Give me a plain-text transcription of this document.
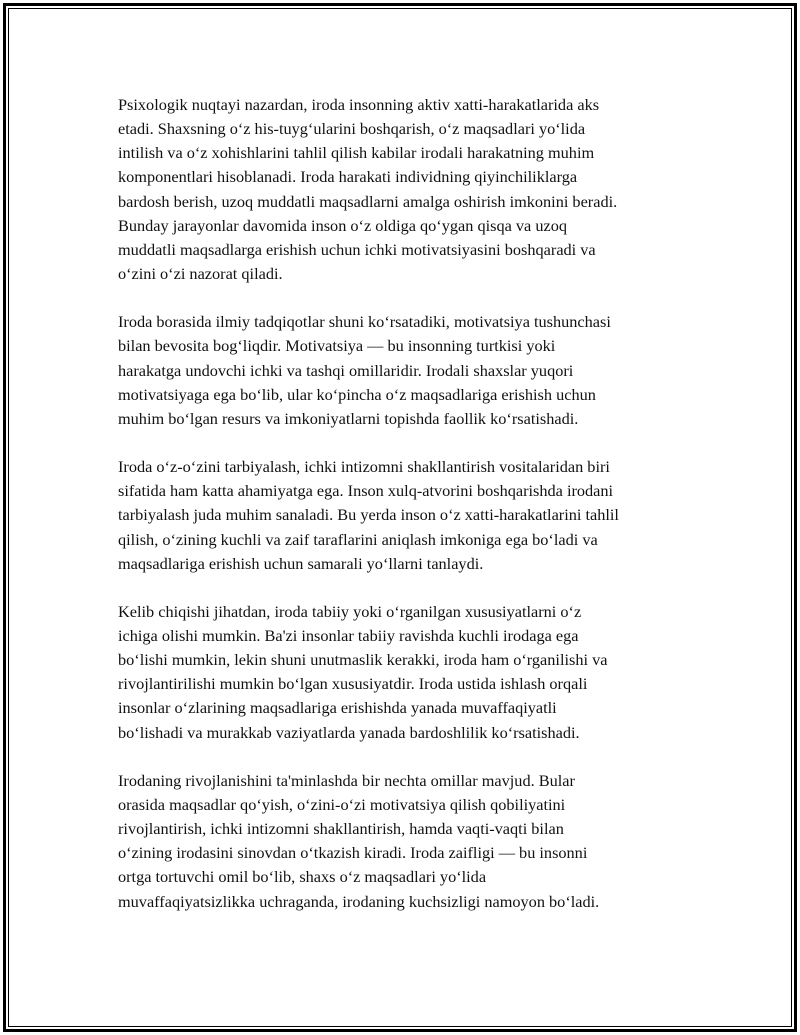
Psixologik nuqtayi nazardan, iroda insonning aktiv xatti-harakatlarida aks
etadi. Shaxsning o‘z his-tuyg‘ularini boshqarish, o‘z maqsadlari yo‘lida
intilish va o‘z xohishlarini tahlil qilish kabilar irodali harakatning muhim
komponentlari hisoblanadi. Iroda harakati individning qiyinchiliklarga
bardosh berish, uzoq muddatli maqsadlarni amalga oshirish imkonini beradi.
Bunday jarayonlar davomida inson o‘z oldiga qo‘ygan qisqa va uzoq
muddatli maqsadlarga erishish uchun ichki motivatsiyasini boshqaradi va
o‘zini o‘zi nazorat qiladi.

Iroda borasida ilmiy tadqiqotlar shuni ko‘rsatadiki, motivatsiya tushunchasi
bilan bevosita bog‘liqdir. Motivatsiya — bu insonning turtkisi yoki
harakatga undovchi ichki va tashqi omillaridir. Irodali shaxslar yuqori
motivatsiyaga ega bo‘lib, ular ko‘pincha o‘z maqsadlariga erishish uchun
muhim bo‘lgan resurs va imkoniyatlarni topishda faollik ko‘rsatishadi.

Iroda o‘z-o‘zini tarbiyalash, ichki intizomni shakllantirish vositalaridan biri
sifatida ham katta ahamiyatga ega. Inson xulq-atvorini boshqarishda irodani
tarbiyalash juda muhim sanaladi. Bu yerda inson o‘z xatti-harakatlarini tahlil
qilish, o‘zining kuchli va zaif taraflarini aniqlash imkoniga ega bo‘ladi va
maqsadlariga erishish uchun samarali yo‘llarni tanlaydi.

Kelib chiqishi jihatdan, iroda tabiiy yoki o‘rganilgan xususiyatlarni o‘z
ichiga olishi mumkin. Ba'zi insonlar tabiiy ravishda kuchli irodaga ega
bo‘lishi mumkin, lekin shuni unutmaslik kerakki, iroda ham o‘rganilishi va
rivojlantirilishi mumkin bo‘lgan xususiyatdir. Iroda ustida ishlash orqali
insonlar o‘zlarining maqsadlariga erishishda yanada muvaffaqiyatli
bo‘lishadi va murakkab vaziyatlarda yanada bardoshlilik ko‘rsatishadi.

Irodaning rivojlanishini ta'minlashda bir nechta omillar mavjud. Bular
orasida maqsadlar qo‘yish, o‘zini-o‘zi motivatsiya qilish qobiliyatini
rivojlantirish, ichki intizomni shakllantirish, hamda vaqti-vaqti bilan
o‘zining irodasini sinovdan o‘tkazish kiradi. Iroda zaifligi — bu insonni
ortga tortuvchi omil bo‘lib, shaxs o‘z maqsadlari yo‘lida
muvaffaqiyatsizlikka uchraganda, irodaning kuchsizligi namoyon bo‘ladi.
